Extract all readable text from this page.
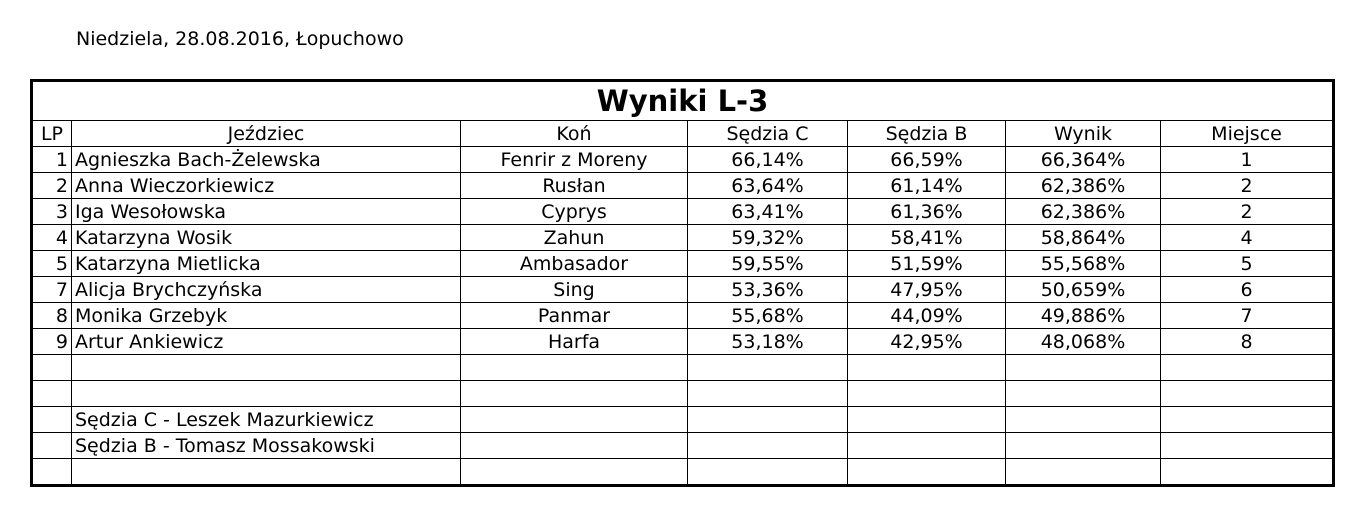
Niedziela, 28.08.2016, Łopuchowo
Wyniki L-3						
LP	Jeździec	Koń	Sędzia C	Sędzia B	Wynik	Miejsce
1	Agnieszka Bach-Żelewska	Fenrir z Moreny	66,14%	66,59%	66,364%	1
2	Anna Wieczorkiewicz	Rusłan	63,64%	61,14%	62,386%	2
3	Iga Wesołowska	Cyprys	63,41%	61,36%	62,386%	2
4	Katarzyna Wosik	Zahun	59,32%	58,41%	58,864%	4
5	Katarzyna Mietlicka	Ambasador	59,55%	51,59%	55,568%	5
7	Alicja Brychczyńska	Sing	53,36%	47,95%	50,659%	6
8	Monika Grzebyk	Panmar	55,68%	44,09%	49,886%	7
9	Artur Ankiewicz	Harfa	53,18%	42,95%	48,068%	8

	Sędzia C - Leszek Mazurkiewicz					
	Sędzia B - Tomasz Mossakowski					
